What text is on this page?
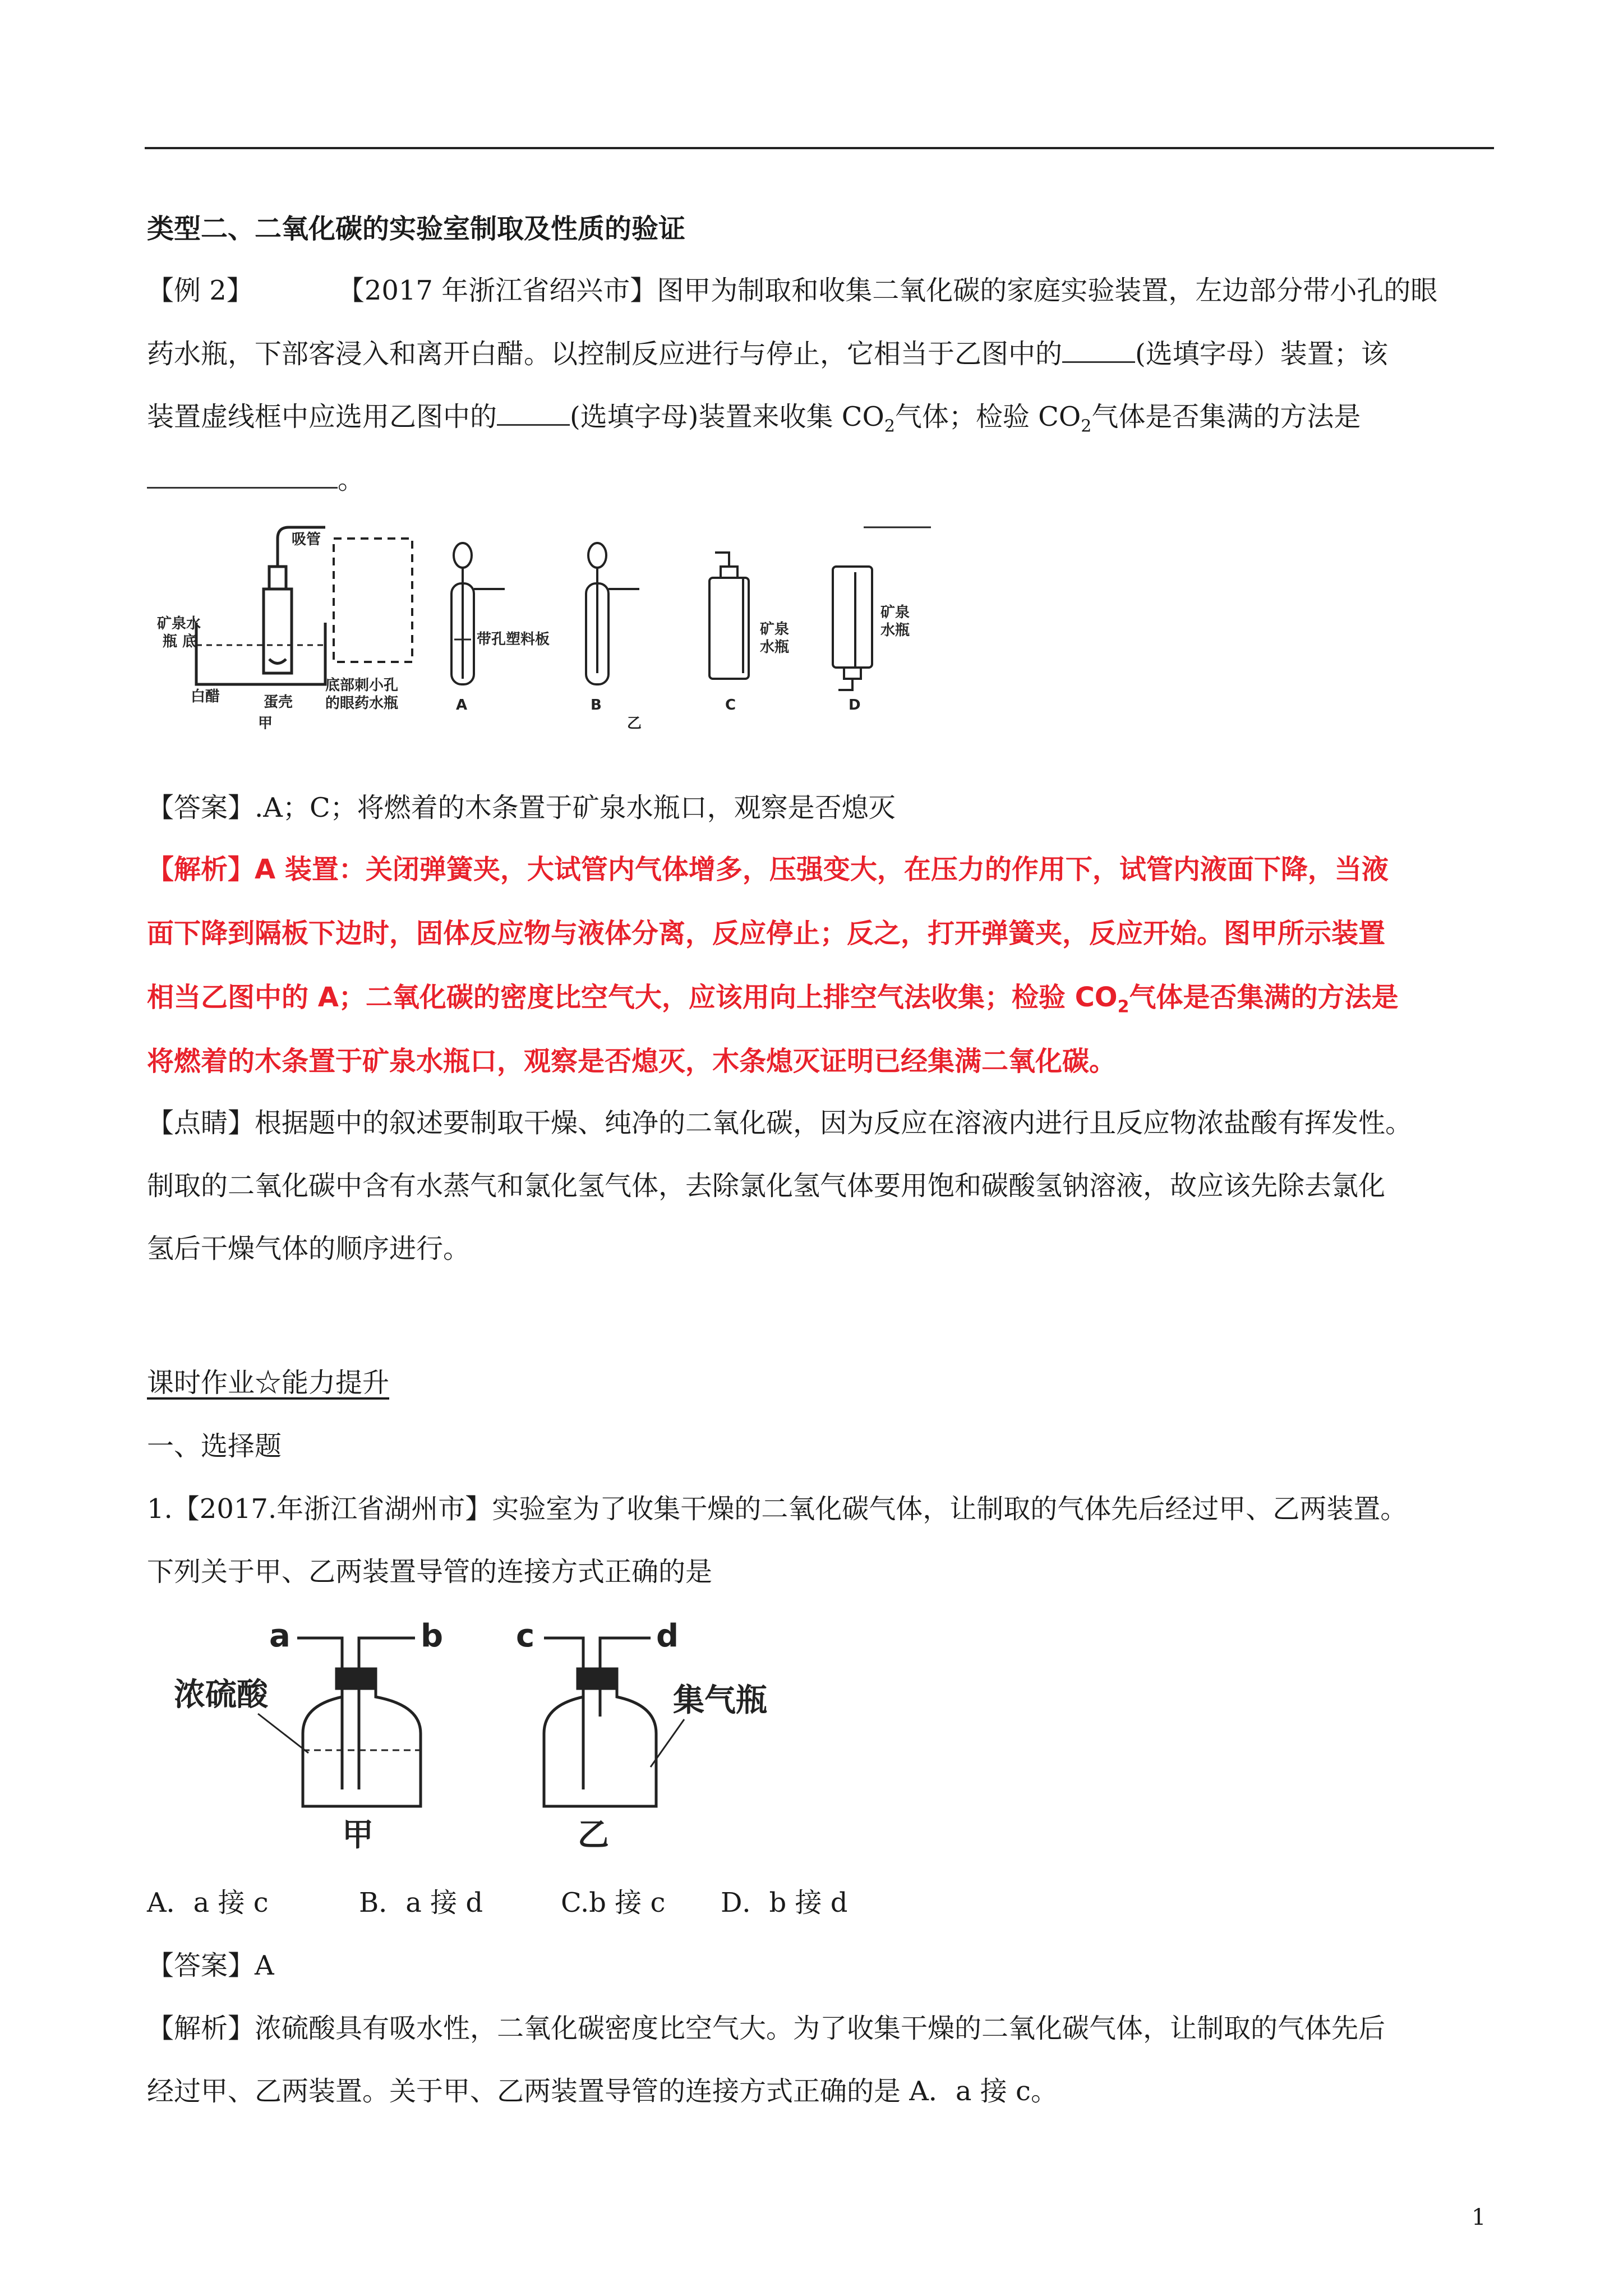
类型二、二氧化碳的实验室制取及性质的验证
【例 2】	【2017 年浙江省绍兴市】图甲为制取和收集二氧化碳的家庭实验装置，左边部分带小孔的眼
药水瓶，下部客浸入和离开白醋。以控制反应进行与停止，它相当于乙图中的	(选填字母）装置；该
装置虚线框中应选用乙图中的	(选填字母)装置来收集 $CO_2$气体；检验 $CO_2$气体是否集满的方法是
。
吸管
矿泉水
瓶 底
白醋	蛋壳
底部刺小孔
的眼药水瓶
甲
带孔塑料板
A	B
乙
矿泉
水瓶
C
矿泉
水瓶
D
【答案】.A；C；将燃着的木条置于矿泉水瓶口，观察是否熄灭
【解析】A 装置：关闭弹簧夹，大试管内气体增多，压强变大，在压力的作用下，试管内液面下降，当液
面下降到隔板下边时，固体反应物与液体分离，反应停止；反之，打开弹簧夹，反应开始。图甲所示装置
相当乙图中的 A；二氧化碳的密度比空气大，应该用向上排空气法收集；检验 $CO_2$气体是否集满的方法是
将燃着的木条置于矿泉水瓶口，观察是否熄灭，木条熄灭证明已经集满二氧化碳。
【点睛】根据题中的叙述要制取干燥、纯净的二氧化碳，因为反应在溶液内进行且反应物浓盐酸有挥发性。
制取的二氧化碳中含有水蒸气和氯化氢气体，去除氯化氢气体要用饱和碳酸氢钠溶液，故应该先除去氯化
氢后干燥气体的顺序进行。
课时作业☆能力提升
一、选择题
1.【2017.年浙江省湖州市】实验室为了收集干燥的二氧化碳气体，让制取的气体先后经过甲、乙两装置。
下列关于甲、乙两装置导管的连接方式正确的是
a	b c	d
浓硫酸
甲
集气瓶
乙
A．a 接 c	B．a 接 d	C.b 接 c D．b 接 d
【答案】A
【解析】浓硫酸具有吸水性，二氧化碳密度比空气大。为了收集干燥的二氧化碳气体，让制取的气体先后
经过甲、乙两装置。关于甲、乙两装置导管的连接方式正确的是 A．a 接 c。
1
